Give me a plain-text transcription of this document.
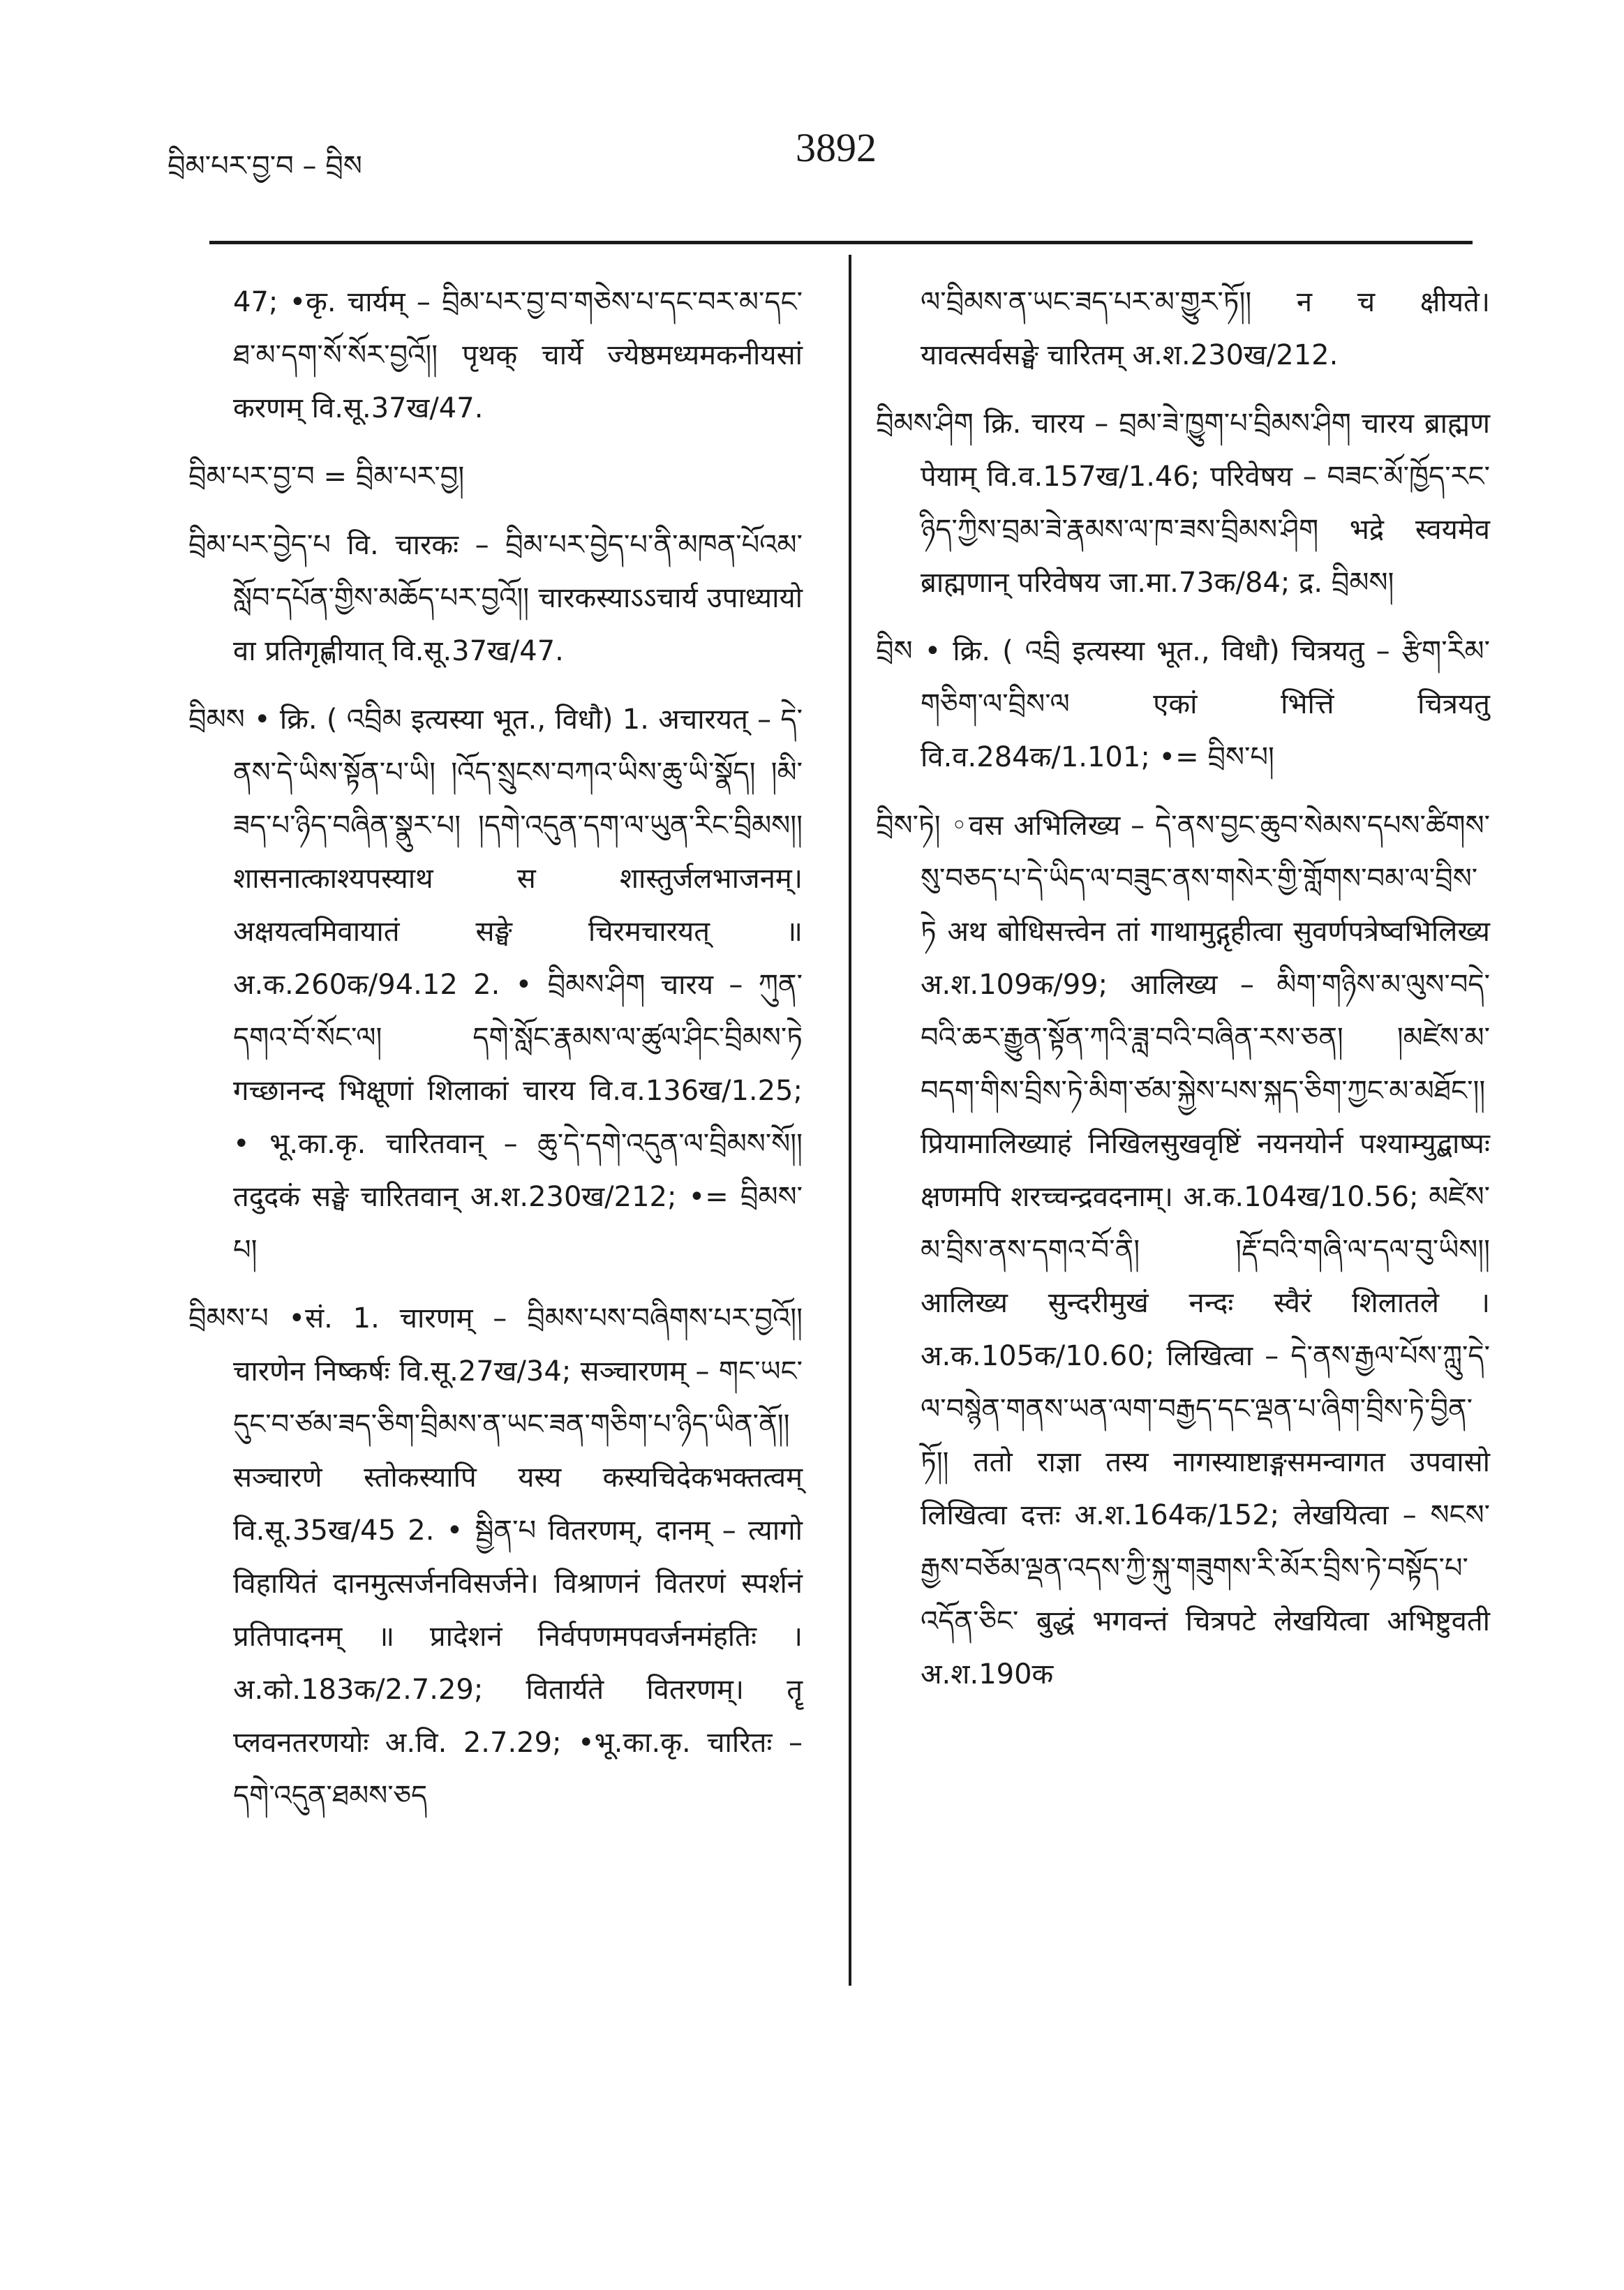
བྲིམ་པར་བྱ་བ – བྲིས	3892

47; •कृ. चार्यम् – བྲིམ་པར་བྱ་བ་གཅེས་པ་དང་བར་མ་དང་ཐ་མ་དག་སོ་སོར་བྱའོ།། पृथक् चार्ये ज्येष्ठमध्यमकनीयसां करणम् वि.सू.37ख/47.

བྲིམ་པར་བྱ་བ = བྲིམ་པར་བྱ།

བྲིམ་པར་བྱེད་པ वि. चारकः – བྲིམ་པར་བྱེད་པ་ནི་མཁན་པོའམ་སློབ་དཔོན་གྱིས་མཆོད་པར་བྱའོ།། चारकस्याऽऽचार्य उपाध्यायो वा प्रतिगृह्णीयात् वि.सू.37ख/47.

བྲིམས • क्रि. ( འབྲིམ इत्यस्या भूत., विधौ) 1. अचारयत् – དེ་ནས་དེ་ཡིས་སྟོན་པ་ཡི། །འོད་སྲུངས་བཀའ་ཡིས་ཆུ་ཡི་སྣོད། །མི་ཟད་པ་ཉིད་བཞིན་སྣུར་པ། །དགེ་འདུན་དག་ལ་ཡུན་རིང་བྲིམས།། शासनात्काश्यपस्याथ स शास्तुर्जलभाजनम्। अक्षयत्वमिवायातं सङ्घे चिरमचारयत् ॥ अ.क.260क/94.12 2. • བྲིམས་ཤིག चारय – ཀུན་དགའ་བོ་སོང་ལ། དགེ་སློང་རྣམས་ལ་ཚུལ་ཤིང་བྲིམས་ཏེ गच्छानन्द भिक्षूणां शिलाकां चारय वि.व.136ख/1.25; • भू.का.कृ. चारितवान् – ཆུ་དེ་དགེ་འདུན་ལ་བྲིམས་སོ།། तदुदकं सङ्घे चारितवान् अ.श.230ख/212; •= བྲིམས་པ།

བྲིམས་པ •सं. 1. चारणम् – བྲིམས་པས་བཞིགས་པར་བྱའོ།། चारणेन निष्कर्षः वि.सू.27ख/34; सञ्चारणम् – གང་ཡང་དུང་བ་ཙམ་ཟད་ཅིག་བྲིམས་ན་ཡང་ཟན་གཅིག་པ་ཉིད་ཡིན་ནོ།། सञ्चारणे स्तोकस्यापि यस्य कस्यचिदेकभक्तत्वम् वि.सू.35ख/45 2. • སྦྱིན་པ वितरणम्, दानम् – त्यागो विहायितं दानमुत्सर्जनविसर्जने। विश्राणनं वितरणं स्पर्शनं प्रतिपादनम् ॥ प्रादेशनं निर्वपणमपवर्जनमंहतिः । अ.को.183क/2.7.29; वितार्यते वितरणम्। तॄ प्लवनतरणयोः अ.वि. 2.7.29; •भू.का.कृ. चारितः – དགེ་འདུན་ཐམས་ཅད

ལ་བྲིམས་ན་ཡང་ཟད་པར་མ་གྱུར་ཏོ།། न च क्षीयते। यावत्सर्वसङ्घे चारितम् अ.श.230ख/212.

བྲིམས་ཤིག क्रि. चारय – བྲམ་ཟེ་ཁྱུག་པ་བྲིམས་ཤིག चारय ब्राह्मण पेयाम् वि.व.157ख/1.46; परिवेषय – བཟང་མོ་ཁྱོད་རང་ཉིད་ཀྱིས་བྲམ་ཟེ་རྣམས་ལ་ཁ་ཟས་བྲིམས་ཤིག भद्रे स्वयमेव ब्राह्मणान् परिवेषय जा.मा.73क/84; द्र. བྲིམས།

བྲིས • क्रि. ( འབྲི इत्यस्या भूत., विधौ) चित्रयतु – རྩིག་རིམ་གཅིག་ལ་བྲིས་ལ एकां भित्तिं चित्रयतु वि.व.284क/1.101; •= བྲིས་པ།

བྲིས་ཏེ། ◦वस अभिलिख्य – དེ་ནས་བྱང་ཆུབ་སེམས་དཔས་ཚིགས་སུ་བཅད་པ་དེ་ཡིད་ལ་བཟུང་ནས་གསེར་གྱི་གློགས་བམ་ལ་བྲིས་ཏེ अथ बोधिसत्त्वेन तां गाथामुद्गृहीत्वा सुवर्णपत्रेष्वभिलिख्य अ.श.109क/99; आलिख्य – མིག་གཉིས་མ་ལུས་བདེ་བའི་ཆར་རྒྱུན་སྟོན་ཀའི་ཟླ་བའི་བཞིན་རས་ཅན། །མཛེས་མ་བདག་གིས་བྲིས་ཏེ་མིག་ཙམ་སྐྱེས་པས་སྐད་ཅིག་ཀྱང་མ་མཐོང་།། प्रियामालिख्याहं निखिलसुखवृष्टिं नयनयोर्न पश्याम्युद्बाष्पः क्षणमपि शरच्चन्द्रवदनाम्। अ.क.104ख/10.56; མཛེས་མ་བྲིས་ནས་དགའ་བོ་ནི། །རྡོ་བའི་གཞི་ལ་དལ་བུ་ཡིས།། आलिख्य सुन्दरीमुखं नन्दः स्वैरं शिलातले । अ.क.105क/10.60; लिखित्वा – དེ་ནས་རྒྱལ་པོས་ཀླུ་དེ་ལ་བསྙེན་གནས་ཡན་ལག་བརྒྱད་དང་ལྡན་པ་ཞིག་བྲིས་ཏེ་བྱིན་ཏོ།། ततो राज्ञा तस्य नागस्याष्टाङ्गसमन्वागत उपवासो लिखित्वा दत्तः अ.श.164क/152; लेखयित्वा – སངས་རྒྱས་བཅོམ་ལྡན་འདས་ཀྱི་སྐུ་གཟུགས་རི་མོར་བྲིས་ཏེ་བསྟོད་པ་འདོན་ཅིང་ बुद्धं भगवन्तं चित्रपटे लेखयित्वा अभिष्टुवती अ.श.190क
